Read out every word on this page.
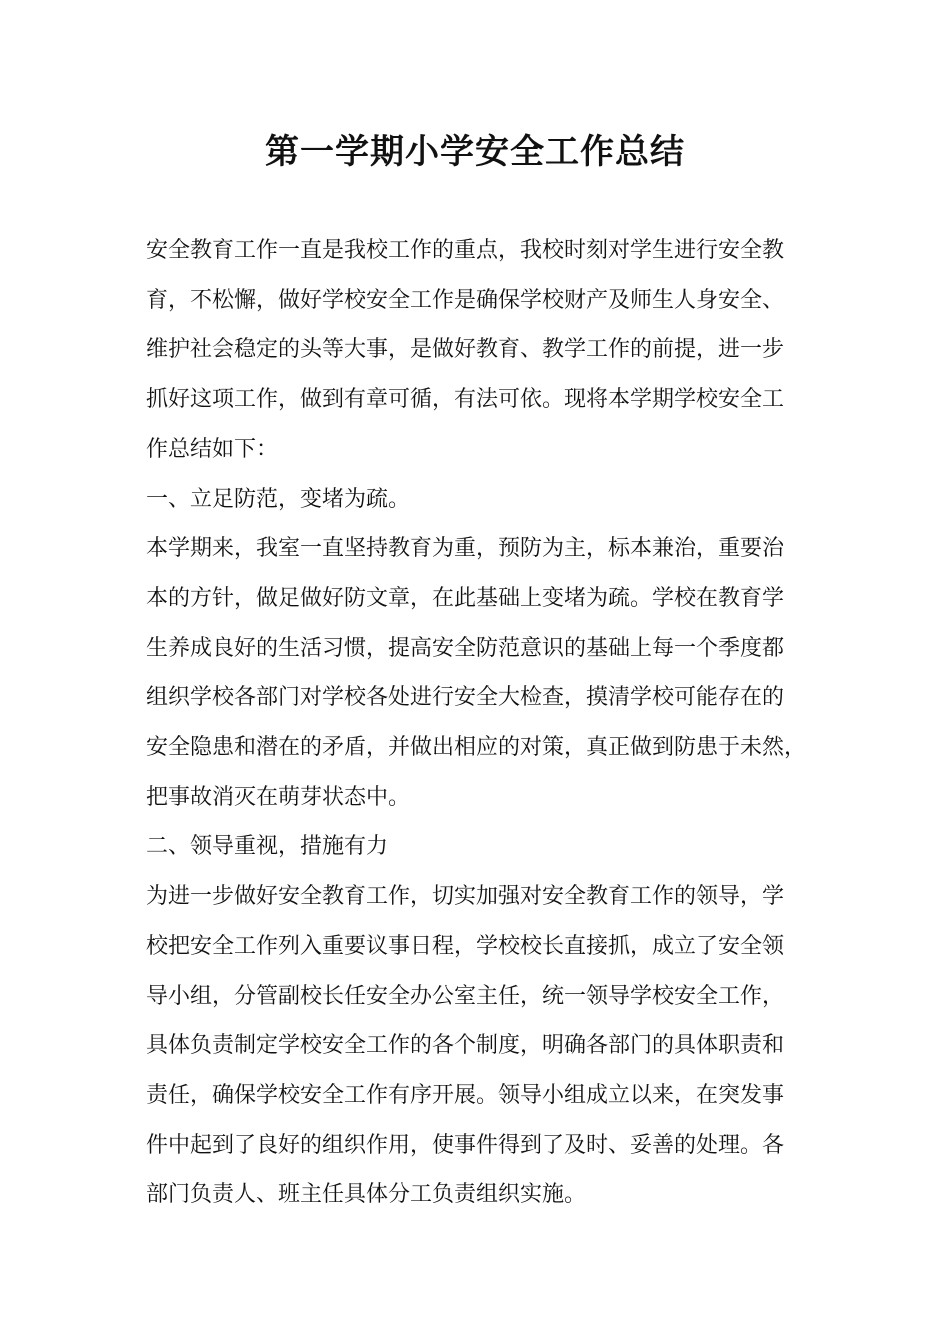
第一学期小学安全工作总结

安全教育工作一直是我校工作的重点，我校时刻对学生进行安全教

育，不松懈，做好学校安全工作是确保学校财产及师生人身安全、

维护社会稳定的头等大事，是做好教育、教学工作的前提，进一步

抓好这项工作，做到有章可循，有法可依。现将本学期学校安全工

作总结如下：

一、立足防范，变堵为疏。

本学期来，我室一直坚持教育为重，预防为主，标本兼治，重要治

本的方针，做足做好防文章，在此基础上变堵为疏。学校在教育学

生养成良好的生活习惯，提高安全防范意识的基础上每一个季度都

组织学校各部门对学校各处进行安全大检查，摸清学校可能存在的

安全隐患和潜在的矛盾，并做出相应的对策，真正做到防患于未然，

把事故消灭在萌芽状态中。

二、领导重视，措施有力

为进一步做好安全教育工作，切实加强对安全教育工作的领导，学

校把安全工作列入重要议事日程，学校校长直接抓，成立了安全领

导小组，分管副校长任安全办公室主任，统一领导学校安全工作，

具体负责制定学校安全工作的各个制度，明确各部门的具体职责和

责任，确保学校安全工作有序开展。领导小组成立以来，在突发事

件中起到了良好的组织作用，使事件得到了及时、妥善的处理。各

部门负责人、班主任具体分工负责组织实施。
